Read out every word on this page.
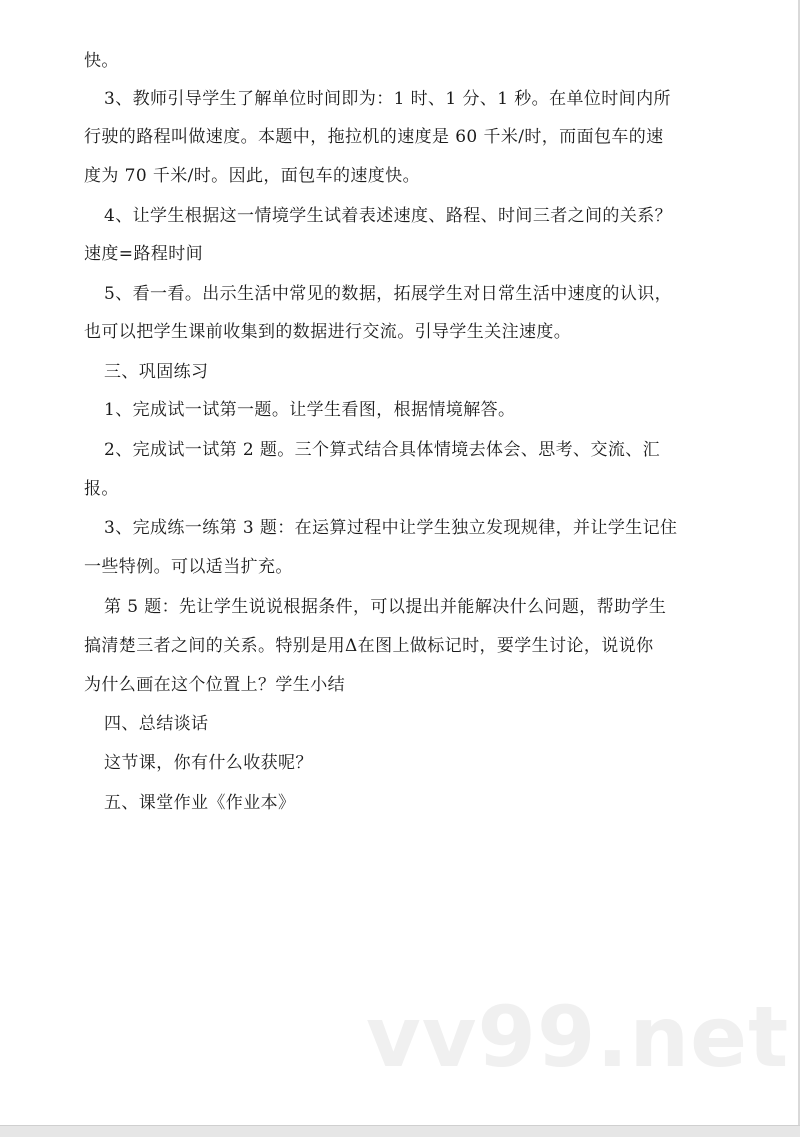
快。
3、教师引导学生了解单位时间即为：1 时、1 分、1 秒。在单位时间内所
行驶的路程叫做速度。本题中，拖拉机的速度是 60 千米/时，而面包车的速
度为 70 千米/时。因此，面包车的速度快。
4、让学生根据这一情境学生试着表述速度、路程、时间三者之间的关系？
速度=路程时间
5、看一看。出示生活中常见的数据，拓展学生对日常生活中速度的认识，
也可以把学生课前收集到的数据进行交流。引导学生关注速度。
三、巩固练习
1、完成试一试第一题。让学生看图，根据情境解答。
2、完成试一试第 2 题。三个算式结合具体情境去体会、思考、交流、汇
报。
3、完成练一练第 3 题：在运算过程中让学生独立发现规律，并让学生记住
一些特例。可以适当扩充。
第 5 题：先让学生说说根据条件，可以提出并能解决什么问题，帮助学生
搞清楚三者之间的关系。特别是用Δ在图上做标记时，要学生讨论，说说你
为什么画在这个位置上？学生小结
四、总结谈话
这节课，你有什么收获呢？
五、课堂作业《作业本》
vv99.net
